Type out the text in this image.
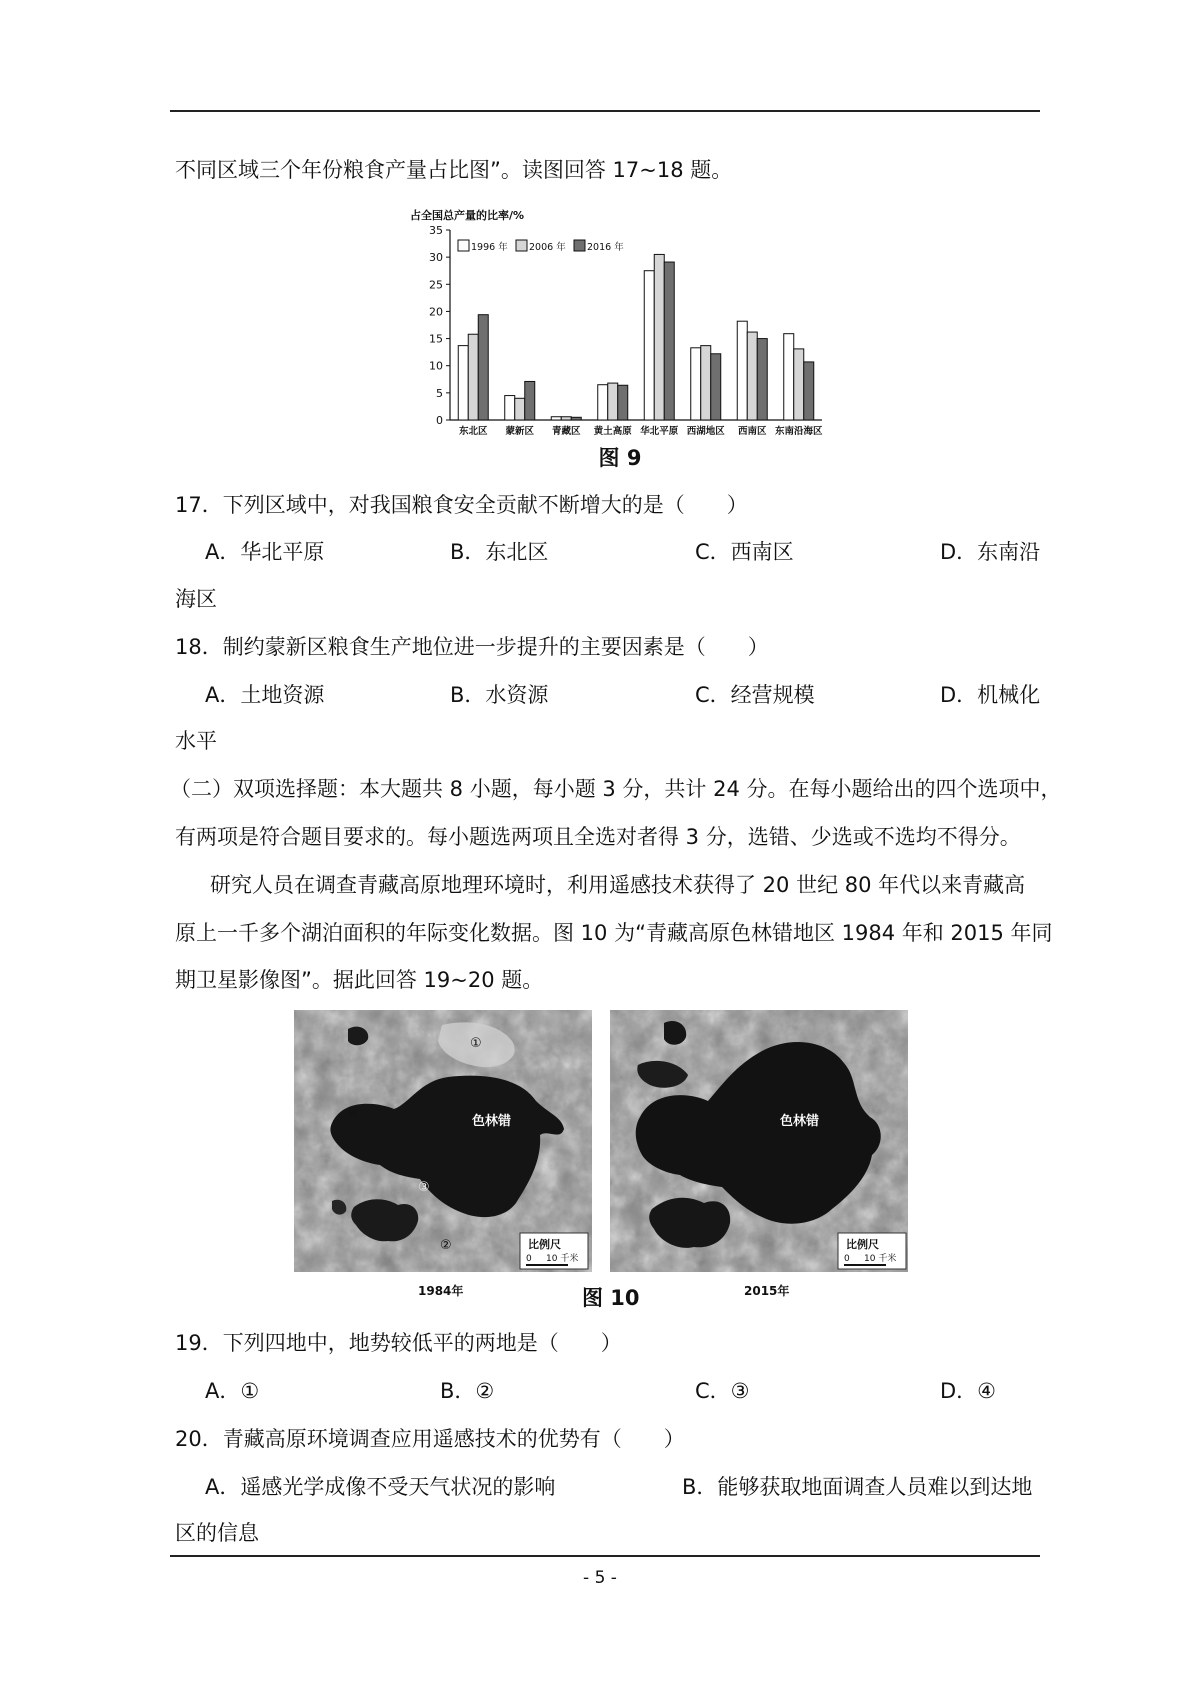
不同区域三个年份粮食产量占比图”。读图回答 17~18 题。
占全国总产量的比率/%
0
5
10
15
20
25
30
35
东北区 蒙新区 青藏区 黄土高原 华北平原 西湖地区 西南区 东南沿海区
1996 年 2006 年 2016 年
图 9
17．下列区域中，对我国粮食安全贡献不断增大的是（　　）
A．华北平原	B．东北区	C．西南区	D．东南沿
海区
18．制约蒙新区粮食生产地位进一步提升的主要因素是（　　）
A．土地资源	B．水资源	C．经营规模	D．机械化
水平
（二）双项选择题：本大题共 8 小题，每小题 3 分，共计 24 分。在每小题给出的四个选项中，
有两项是符合题目要求的。每小题选两项且全选对者得 3 分，选错、少选或不选均不得分。
研究人员在调查青藏高原地理环境时，利用遥感技术获得了 20 世纪 80 年代以来青藏高
原上一千多个湖泊面积的年际变化数据。图 10 为“青藏高原色林错地区 1984 年和 2015 年同
期卫星影像图”。据此回答 19~20 题。
①
②
③
④
色林错
比例尺
0 10 千米
1984年
色林错
比例尺
0 10 千米
2015年
图 10
19．下列四地中，地势较低平的两地是（　　）
A．①	B．②	C．③	D．④
20．青藏高原环境调查应用遥感技术的优势有（　　）
A．遥感光学成像不受天气状况的影响	B．能够获取地面调查人员难以到达地
区的信息
- 5 -
